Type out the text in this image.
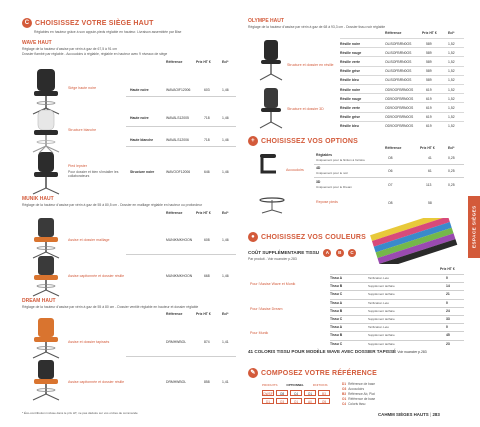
C CHOISISSEZ VOTRE SIÈGE HAUT
Réglables en hauteur grâce à son appuie-pieds réglable en hauteur. Livraison assemblée par Bise
WAVE HAUT
Réglage de la hauteur d'assise par vérin à gaz de 67,5 à 91 cm
Dossier flambé par réglable - Accoudoirs à réglable, réglable en hauteur avec 9 niveaux de siège
Référence	Prix HT €	Ecl*
Siège haute noire	Haute noire	WAVAOIF12006	603	1,46
Structure blanche
Haute noire	WAVALS12005	718	1,46
Haute blanche	WAVALS12006	718	1,46
Pied lepster
Pour dossier et bien s'installer les collaborateurs
Structure noire	WAVOOF12006	646	1,46
MUNIK HAUT
Réglage de la hauteur d'assise par vérin à gaz de 55 à 80,5 cm - Dossier en maillage réglable en hauteur ou profondeur
Référence	Prix HT €	Ecl*
Assise et dossier maillage	MUNIKMKHOON	608	1,46
Assise capitonnée et dossier résille	MUNIKMKHOON	668	1,46
DREAM HAUT
Réglage de la hauteur d'assise par vérin à gaz de 55 à 80 cm - Dossier ventilé réglable en hauteur et dossier réglable
Référence	Prix HT €	Ecl*
Assise et dossier tapissés	DRMHWBOL	874	1,41
Assise capitonnée et dossier résille	DRMHWBOL	858	1,41
* Éco-contribution incluse dans le prix HT, ne pas déduire sur vos ordres de commande
OLYMPE HAUT
Réglage de la hauteur d'assise par vérin à gaz de 68 à 93,3 cm - Dossier tissu noir réglable
Référence	Prix HT €	Ecl*
Résille noire	OLISOFBRN0OS	589	1,52
Résille rouge	OLISOFBRN0OS	589	1,52
Résille verte	OLISOFBRN0OS	589	1,52
Résille grise	OLISOFBRN0OS	589	1,52
Résille bleu	OLISOFBRN0OS	589	1,52
Résille noire	OD9OOFBRN0OS	619	1,52
Résille rouge	OD9OOFBRN0OS	619	1,52
Résille verte	OD9OOFBRN0OS	619	1,52
Résille grise	OD9OOFBRN0OS	619	1,52
Résille bleu	OD9OOFBRN0OS	619	1,52
Structure et dossier en résille
Structure et dossier 3D
+ CHOISISSEZ VOS OPTIONS
Référence	Prix HT €	Ecl*
Accoudoirs
Réglables
Uniquement pour la finition à l'arrière	O8	41	0,25
4D
Uniquement pour le noir	O6	61	0,25
3D
Uniquement pour le Dream	O7	113	0,25
Repose pieds	O8	58
● CHOISISSEZ VOS COULEURS
COÛT SUPPLÉMENTAIRE TISSU A B C
Par produit - Voir nuancier p.283
Prix HT €
Pour l'Assise Wave et Munik
Tissu A	Tarification Leto	0
Tissu B	Supplément tarifaire	14
Tissu C	Supplément tarifaire	21
Pour l'Assise Dream
Tissu A	Tarification Leto	0
Tissu B	Supplément tarifaire	24
Tissu C	Supplément tarifaire	33
Pour Munik
Tissu A	Tarification Leto	0
Tissu B	Supplément tarifaire	45
Tissu C	Supplément tarifaire	23
41 COLORIS TISSU POUR MODÈLE WAVE AVEC DOSSIER TAPISSÉ Voir nuancier p.283
✎ COMPOSEZ VOTRE RÉFÉRENCE
PRODUITS	OPTIONNEL	FINITIONS
DWSF	O8	C4	O1	B3
D1	O3	O1	A0	O5
D1 Référence de base
O3 Accoudoirs
B3 Référence Ab, Plat
O1 Référence de base
C4 Coloris tissu
ESPACE SIÈGES
CAHMM SIÈGES HAUTS | 283
